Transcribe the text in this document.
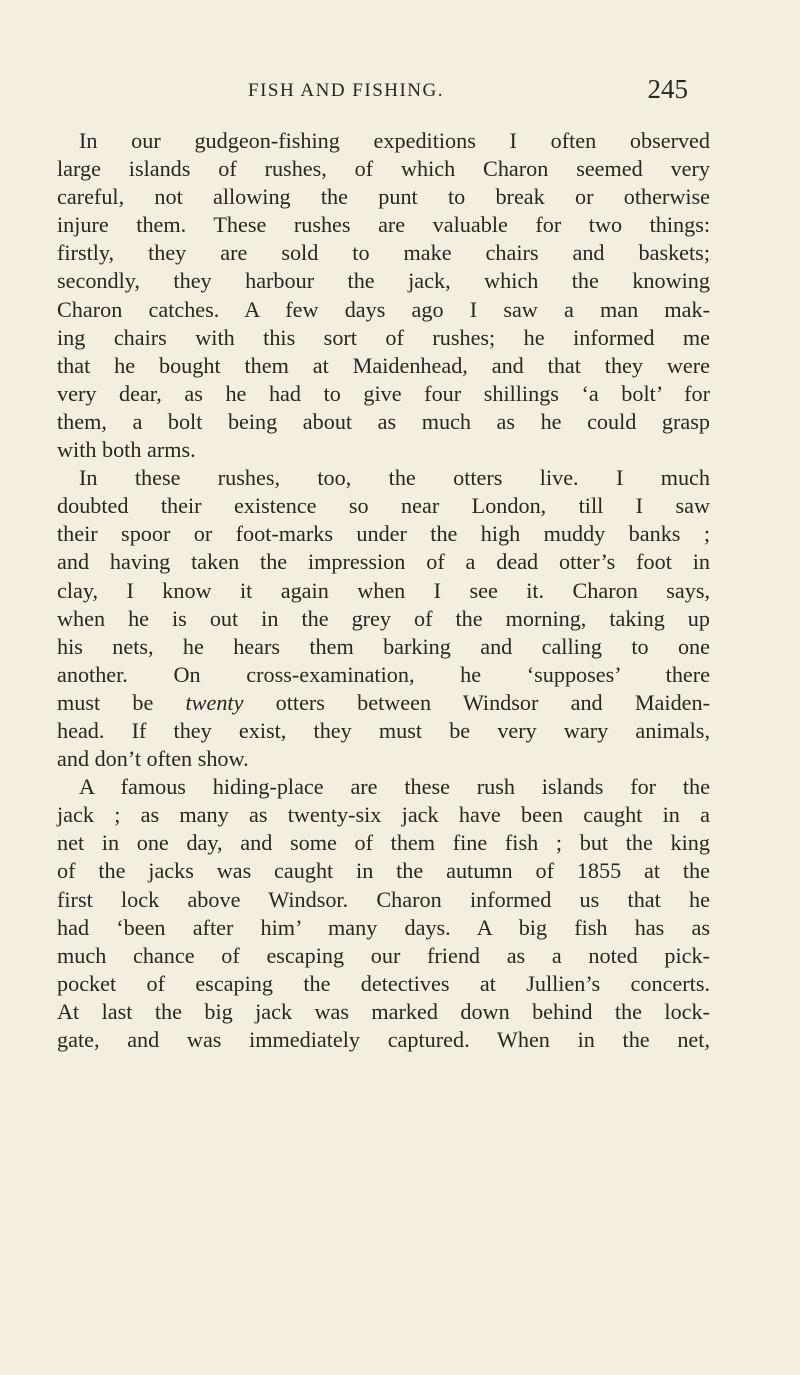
FISH AND FISHING.	245
In our gudgeon-fishing expeditions I often observed
large islands of rushes, of which Charon seemed very
careful, not allowing the punt to break or otherwise
injure them. These rushes are valuable for two things:
firstly, they are sold to make chairs and baskets;
secondly, they harbour the jack, which the knowing
Charon catches. A few days ago I saw a man mak-
ing chairs with this sort of rushes; he informed me
that he bought them at Maidenhead, and that they were
very dear, as he had to give four shillings ‘a bolt’ for
them, a bolt being about as much as he could grasp
with both arms.
In these rushes, too, the otters live. I much
doubted their existence so near London, till I saw
their spoor or foot-marks under the high muddy banks ;
and having taken the impression of a dead otter’s foot in
clay, I know it again when I see it. Charon says,
when he is out in the grey of the morning, taking up
his nets, he hears them barking and calling to one
another. On cross-examination, he ‘supposes’ there
must be twenty otters between Windsor and Maiden-
head. If they exist, they must be very wary animals,
and don’t often show.
A famous hiding-place are these rush islands for the
jack ; as many as twenty-six jack have been caught in a
net in one day, and some of them fine fish ; but the king
of the jacks was caught in the autumn of 1855 at the
first lock above Windsor. Charon informed us that he
had ‘been after him’ many days. A big fish has as
much chance of escaping our friend as a noted pick-
pocket of escaping the detectives at Jullien’s concerts.
At last the big jack was marked down behind the lock-
gate, and was immediately captured. When in the net,
